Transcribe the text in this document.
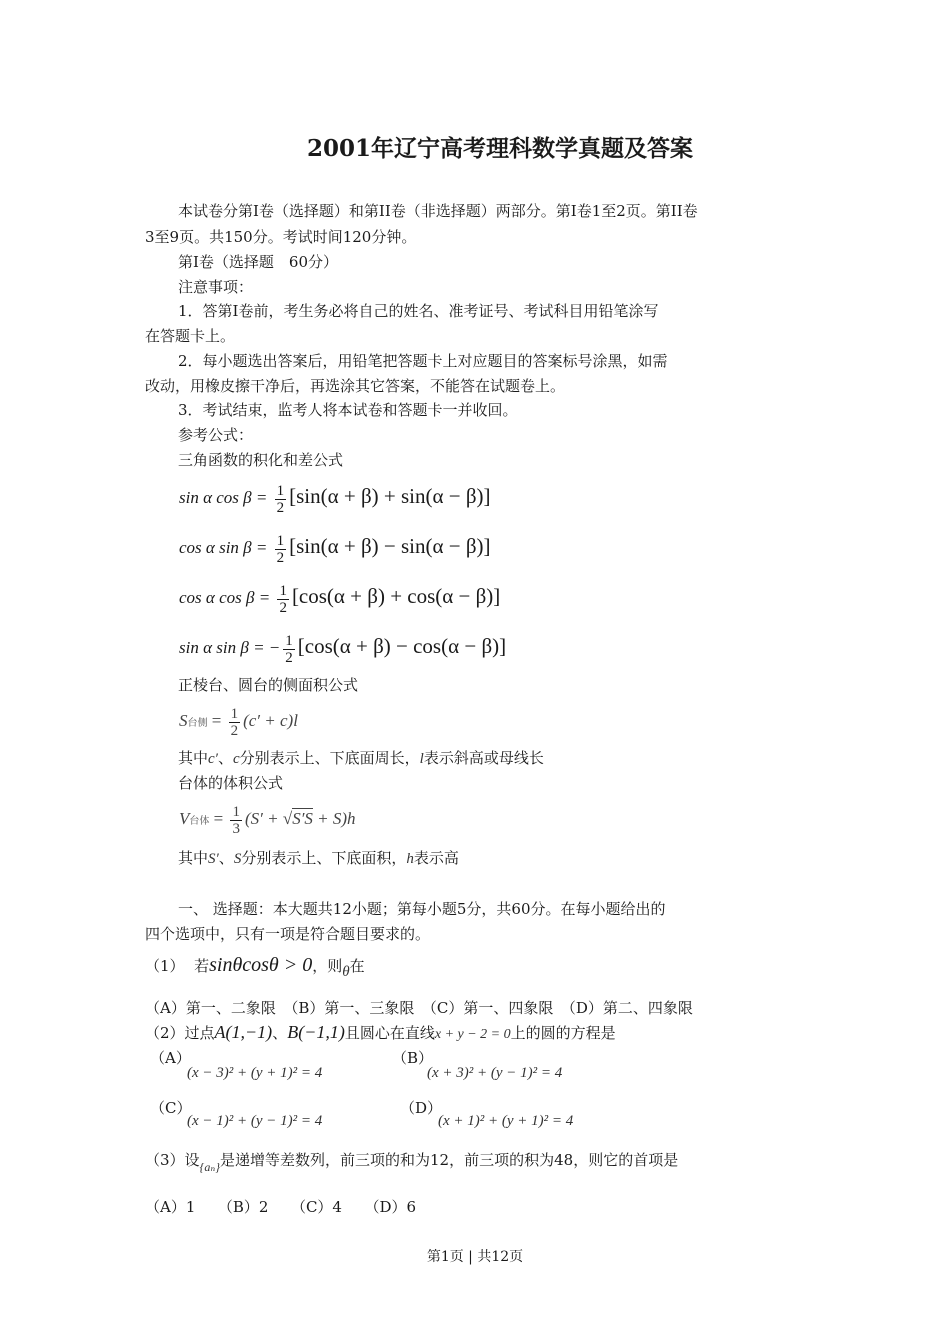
2001年辽宁高考理科数学真题及答案
本试卷分第Ⅰ卷（选择题）和第II卷（非选择题）两部分。第Ⅰ卷1至2页。第II卷
3至9页。共150分。考试时间120分钟。
第Ⅰ卷（选择题　60分）
注意事项：
1．答第Ⅰ卷前，考生务必将自己的姓名、准考证号、考试科目用铅笔涂写
在答题卡上。
2．每小题选出答案后，用铅笔把答题卡上对应题目的答案标号涂黑，如需
改动，用橡皮擦干净后，再选涂其它答案，不能答在试题卷上。
3．考试结束，监考人将本试卷和答题卡一并收回。
参考公式：
三角函数的积化和差公式
sin α $\cos \beta = \frac{1}{2} [\sin(\alpha + \beta) + \sin(\alpha - \beta)]$
cos α $\sin \beta = \frac{1}{2} [\sin(\alpha + \beta) - \sin(\alpha - \beta)]$
cos α $\cos \beta = \frac{1}{2} [\cos(\alpha + \beta) + \cos(\alpha - \beta)]$
sin α sin β = − $\frac{1}{2} [\cos(\alpha + \beta) - \cos(\alpha - \beta)]$
正棱台、圆台的侧面积公式
S台侧 = $\frac{1}{2} (c' + c)l$
其中c′、c分别表示上、下底面周长，l表示斜高或母线长
台体的体积公式
V台体 = $\frac{1}{3} (S' + √S'S + S)h$
其中S′、S分别表示上、下底面积，h表示高
一、 选择题：本大题共12小题；第每小题5分，共60分。在每小题给出的
四个选项中，只有一项是符合题目要求的。
（1） 若sinθcosθ > 0，则θ在
（A）第一、二象限　（B）第一、三象限　（C）第一、四象限　（D）第二、四象限
（2）过点A(1,−1)、B(−1,1)且圆心在直线x + y − 2 = 0上的圆的方程是
（A）
(x − 3)² + (y + 1)² = 4
（B）
(x + 3)² + (y − 1)² = 4
（C）
(x − 1)² + (y − 1)² = 4
（D）
(x + 1)² + (y + 1)² = 4
（3）设$_{\{a_n\}}$是递增等差数列，前三项的和为12，前三项的积为48，则它的首项是
（A）1　　（B）2　　（C）4　　（D）6
第1页 | 共12页
